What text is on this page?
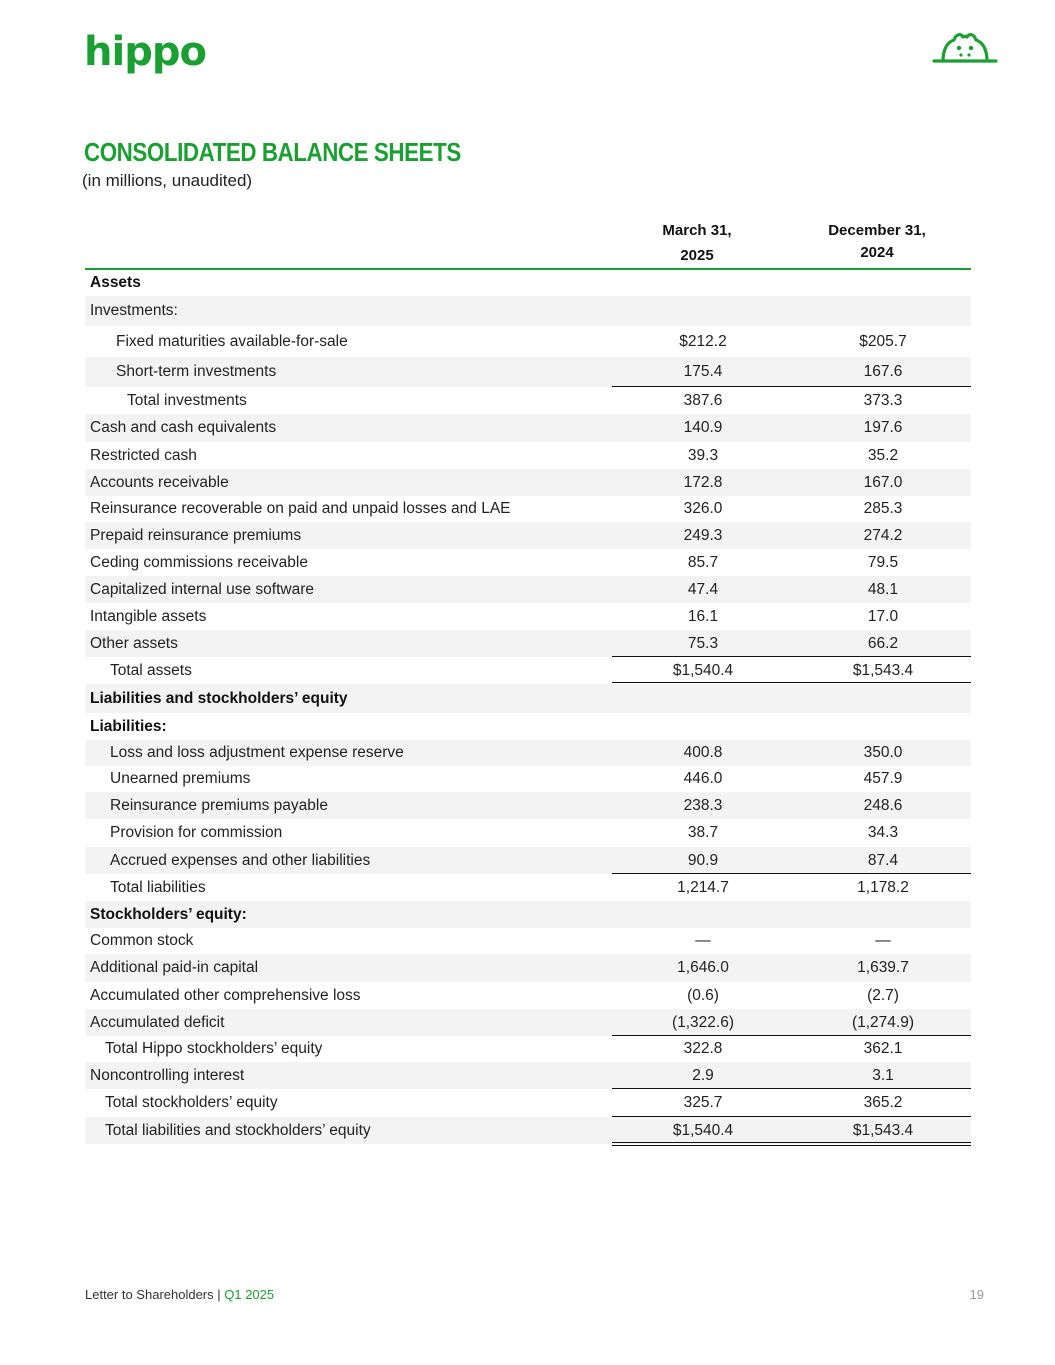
hippo
CONSOLIDATED BALANCE SHEETS
(in millions, unaudited)
March 31,
2025
December 31,
2024
Assets
Investments:
Fixed maturities available-for-sale	$212.2	$205.7
Short-term investments	175.4	167.6
Total investments	387.6	373.3
Cash and cash equivalents	140.9	197.6
Restricted cash	39.3	35.2
Accounts receivable	172.8	167.0
Reinsurance recoverable on paid and unpaid losses and LAE	326.0	285.3
Prepaid reinsurance premiums	249.3	274.2
Ceding commissions receivable	85.7	79.5
Capitalized internal use software	47.4	48.1
Intangible assets	16.1	17.0
Other assets	75.3	66.2
Total assets	$1,540.4	$1,543.4
Liabilities and stockholders’ equity
Liabilities:
Loss and loss adjustment expense reserve	400.8	350.0
Unearned premiums	446.0	457.9
Reinsurance premiums payable	238.3	248.6
Provision for commission	38.7	34.3
Accrued expenses and other liabilities	90.9	87.4
Total liabilities	1,214.7	1,178.2
Stockholders’ equity:
Common stock	—	—
Additional paid-in capital	1,646.0	1,639.7
Accumulated other comprehensive loss	(0.6)	(2.7)
Accumulated deficit	(1,322.6)	(1,274.9)
Total Hippo stockholders’ equity	322.8	362.1
Noncontrolling interest	2.9	3.1
Total stockholders’ equity	325.7	365.2
Total liabilities and stockholders’ equity	$1,540.4	$1,543.4
Letter to Shareholders | Q1 2025	19
